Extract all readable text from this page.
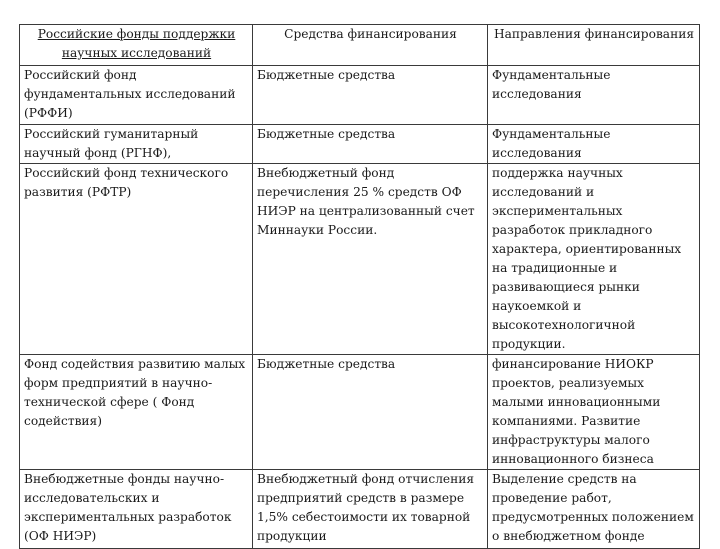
Российские фонды поддержки научных исследований	Средства финансирования	Направления финансирования
Российский фонд фундаментальных исследований (РФФИ)	Бюджетные средства	Фундаментальные исследования
Российский гуманитарный научный фонд (РГНФ),	Бюджетные средства	Фундаментальные исследования
Российский фонд технического развития (РФТР)	Внебюджетный фонд перечисления 25 % средств ОФ НИЭР на централизованный счет Миннауки России.	поддержка научных исследований и экспериментальных разработок прикладного характера, ориентированных на традиционные и развивающиеся рынки наукоемкой и высокотехнологичной продукции.
Фонд содействия развитию малых форм предприятий в научно-технической сфере ( Фонд содействия)	Бюджетные средства	финансирование НИОКР проектов, реализуемых малыми инновационными компаниями. Развитие инфраструктуры малого инновационного бизнеса
Внебюджетные фонды научно-исследовательских и экспериментальных разработок (ОФ НИЭР)	Внебюджетный фонд отчисления предприятий средств в размере 1,5% себестоимости их товарной продукции	Выделение средств на проведение работ, предусмотренных положением о внебюджетном фонде
